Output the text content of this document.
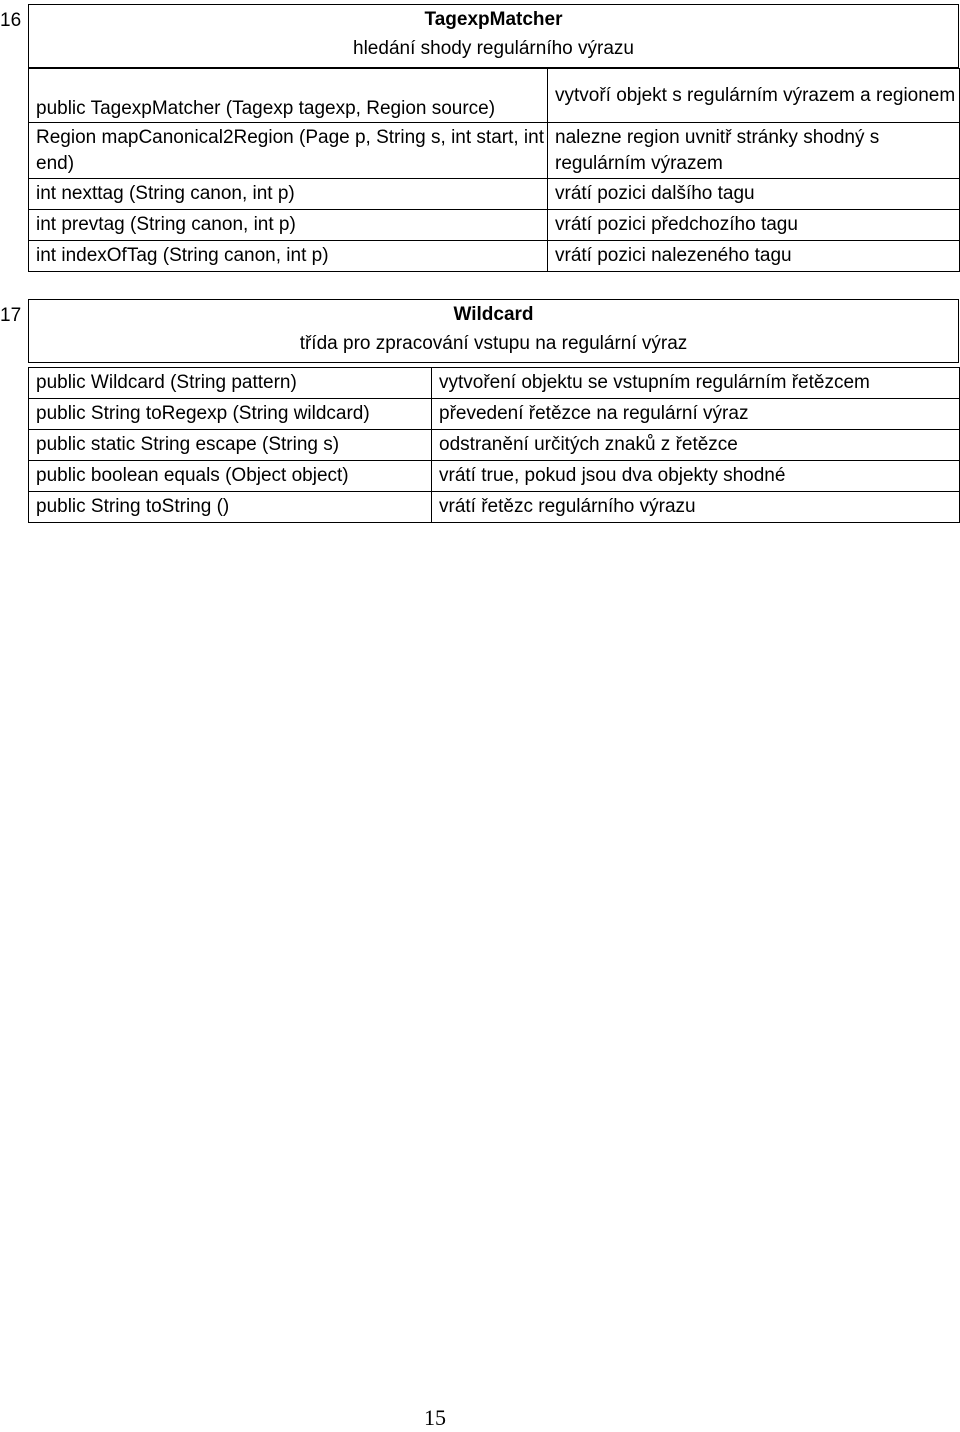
16	TagexpMatcher
hledání shody regulárního výrazu
public TagexpMatcher (Tagexp tagexp, Region source)	vytvoří objekt s regulárním výrazem a regionem
Region mapCanonical2Region (Page p, String s, int start, int end)	nalezne region uvnitř stránky shodný s regulárním výrazem
int nexttag (String canon, int p)	vrátí pozici dalšího tagu
int prevtag (String canon, int p)	vrátí pozici předchozího tagu
int indexOfTag (String canon, int p)	vrátí pozici nalezeného tagu
17	Wildcard
třída pro zpracování vstupu na regulární výraz
public Wildcard (String pattern)	vytvoření objektu se vstupním regulárním řetězcem
public String toRegexp (String wildcard)	převedení řetězce na regulární výraz
public static String escape (String s)	odstranění určitých znaků z řetězce
public boolean equals (Object object)	vrátí true, pokud jsou dva objekty shodné
public String toString ()	vrátí řetězc regulárního výrazu
15
